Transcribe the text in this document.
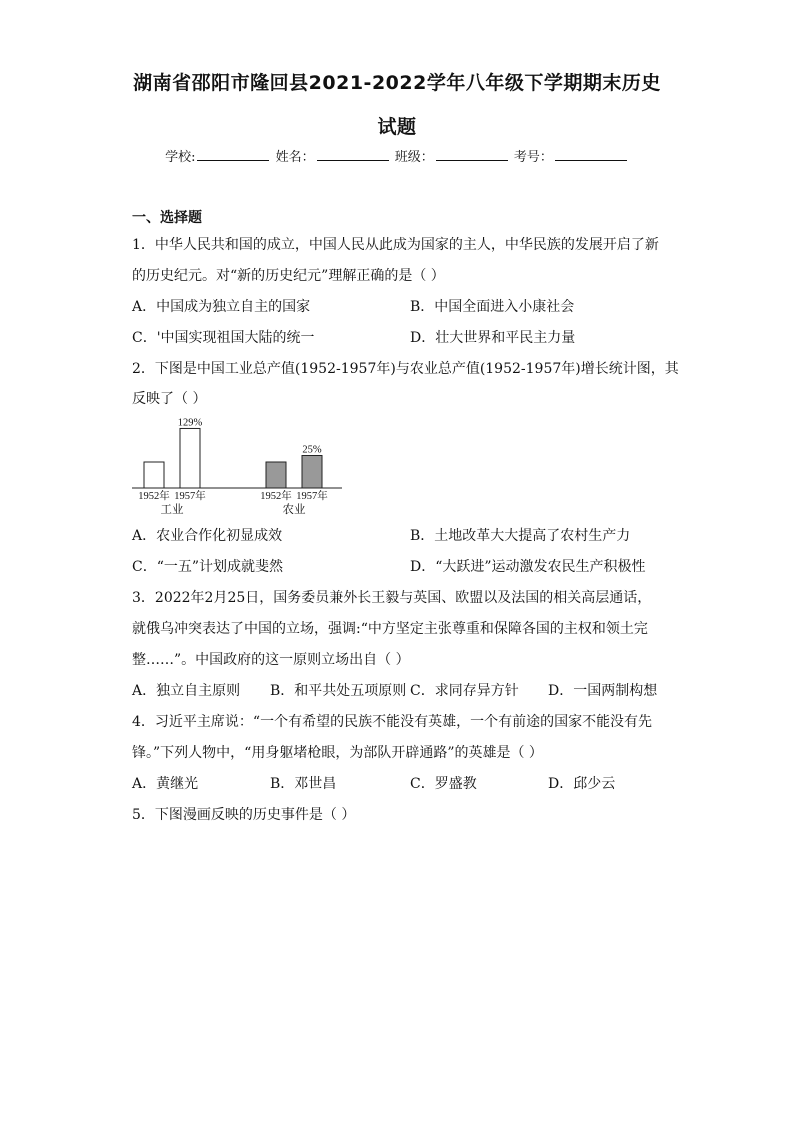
湖南省邵阳市隆回县2021-2022学年八年级下学期期末历史
试题
学校:	姓名：	班级：	考号：
一、选择题
1．中华人民共和国的成立，中国人民从此成为国家的主人，中华民族的发展开启了新
的历史纪元。对“新的历史纪元”理解正确的是（ ）
A．中国成为独立自主的国家	B．中国全面进入小康社会
C．'中国实现祖国大陆的统一	D．壮大世界和平民主力量
2．下图是中国工业总产值(1952-1957年)与农业总产值(1952-1957年)增长统计图，其
反映了（ ）
1952年 1957年
129%
工业
1952年 1957年
25%
农业
A．农业合作化初显成效	B．土地改革大大提高了农村生产力
C．“一五”计划成就斐然	D．“大跃进”运动激发农民生产积极性
3．2022年2月25日，国务委员兼外长王毅与英国、欧盟以及法国的相关高层通话，
就俄乌冲突表达了中国的立场，强调:“中方坚定主张尊重和保障各国的主权和领土完
整……”。中国政府的这一原则立场出自（ ）
A．独立自主原则 B．和平共处五项原则 C．求同存异方针 D．一国两制构想
4．习近平主席说：“一个有希望的民族不能没有英雄，一个有前途的国家不能没有先
锋。”下列人物中，“用身躯堵枪眼，为部队开辟通路”的英雄是（ ）
A．黄继光	B．邓世昌	C．罗盛教	D．邱少云
5．下图漫画反映的历史事件是（ ）
